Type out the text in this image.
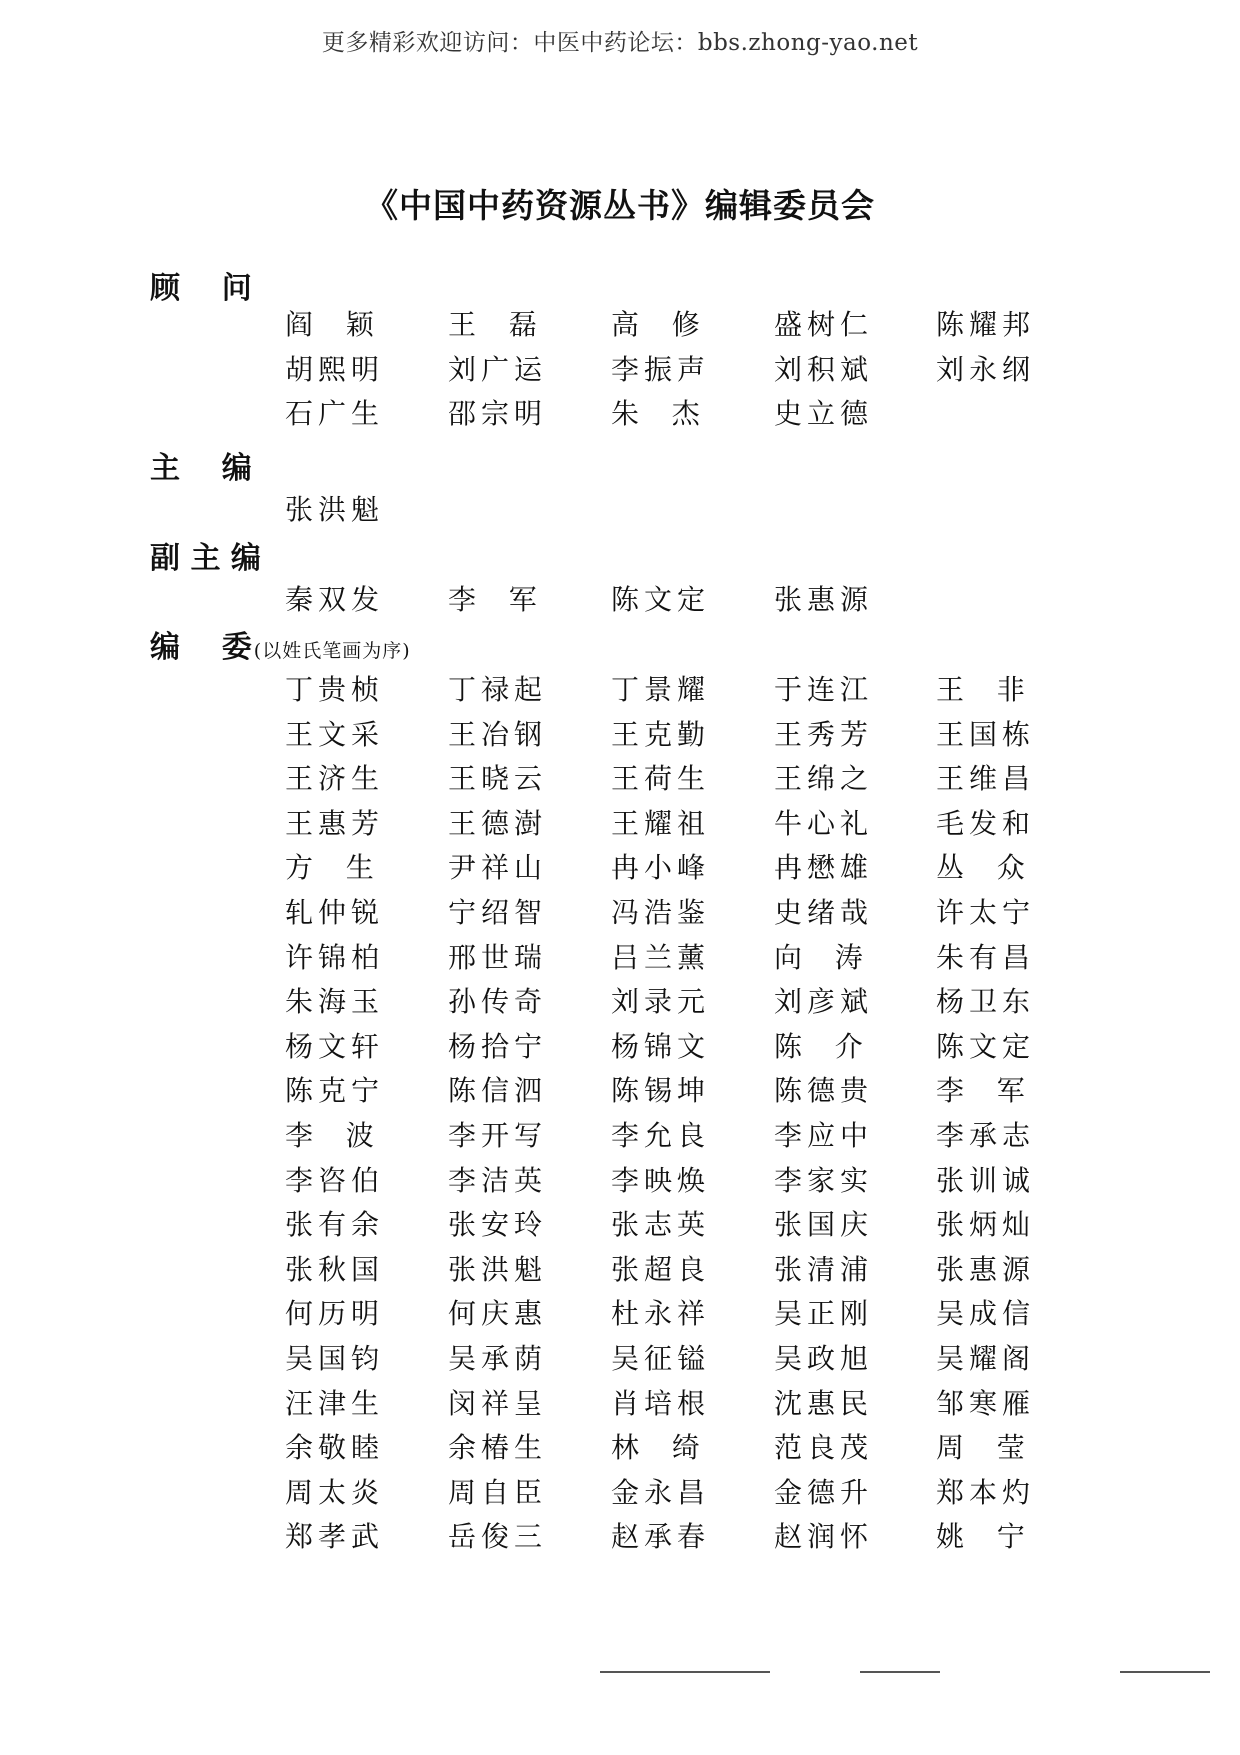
更多精彩欢迎访问：中医中药论坛：bbs.zhong-yao.net
《中国中药资源丛书》编辑委员会
顾    问
阎  颖 王  磊 高  修 盛树仁 陈耀邦
胡熙明 刘广运 李振声 刘积斌 刘永纲
石广生 邵宗明 朱  杰 史立德
主    编
张洪魁
副 主 编
秦双发 李  军 陈文定 张惠源
编    委 (以姓氏笔画为序)
丁贵桢 丁禄起 丁景耀 于连江 王  非
王文采 王冶钢 王克勤 王秀芳 王国栋
王济生 王晓云 王荷生 王绵之 王维昌
王惠芳 王德澍 王耀祖 牛心礼 毛发和
方  生 尹祥山 冉小峰 冉懋雄 丛  众
轧仲锐 宁绍智 冯浩鉴 史绪哉 许太宁
许锦柏 邢世瑞 吕兰薰 向  涛 朱有昌
朱海玉 孙传奇 刘录元 刘彦斌 杨卫东
杨文轩 杨拾宁 杨锦文 陈  介 陈文定
陈克宁 陈信泗 陈锡坤 陈德贵 李  军
李  波 李开写 李允良 李应中 李承志
李咨伯 李洁英 李映焕 李家实 张训诚
张有余 张安玲 张志英 张国庆 张炳灿
张秋国 张洪魁 张超良 张清浦 张惠源
何历明 何庆惠 杜永祥 吴正刚 吴成信
吴国钧 吴承荫 吴征镒 吴政旭 吴耀阁
汪津生 闵祥呈 肖培根 沈惠民 邹寒雁
余敬睦 余椿生 林  绮 范良茂 周  莹
周太炎 周自臣 金永昌 金德升 郑本灼
郑孝武 岳俊三 赵承春 赵润怀 姚  宁
